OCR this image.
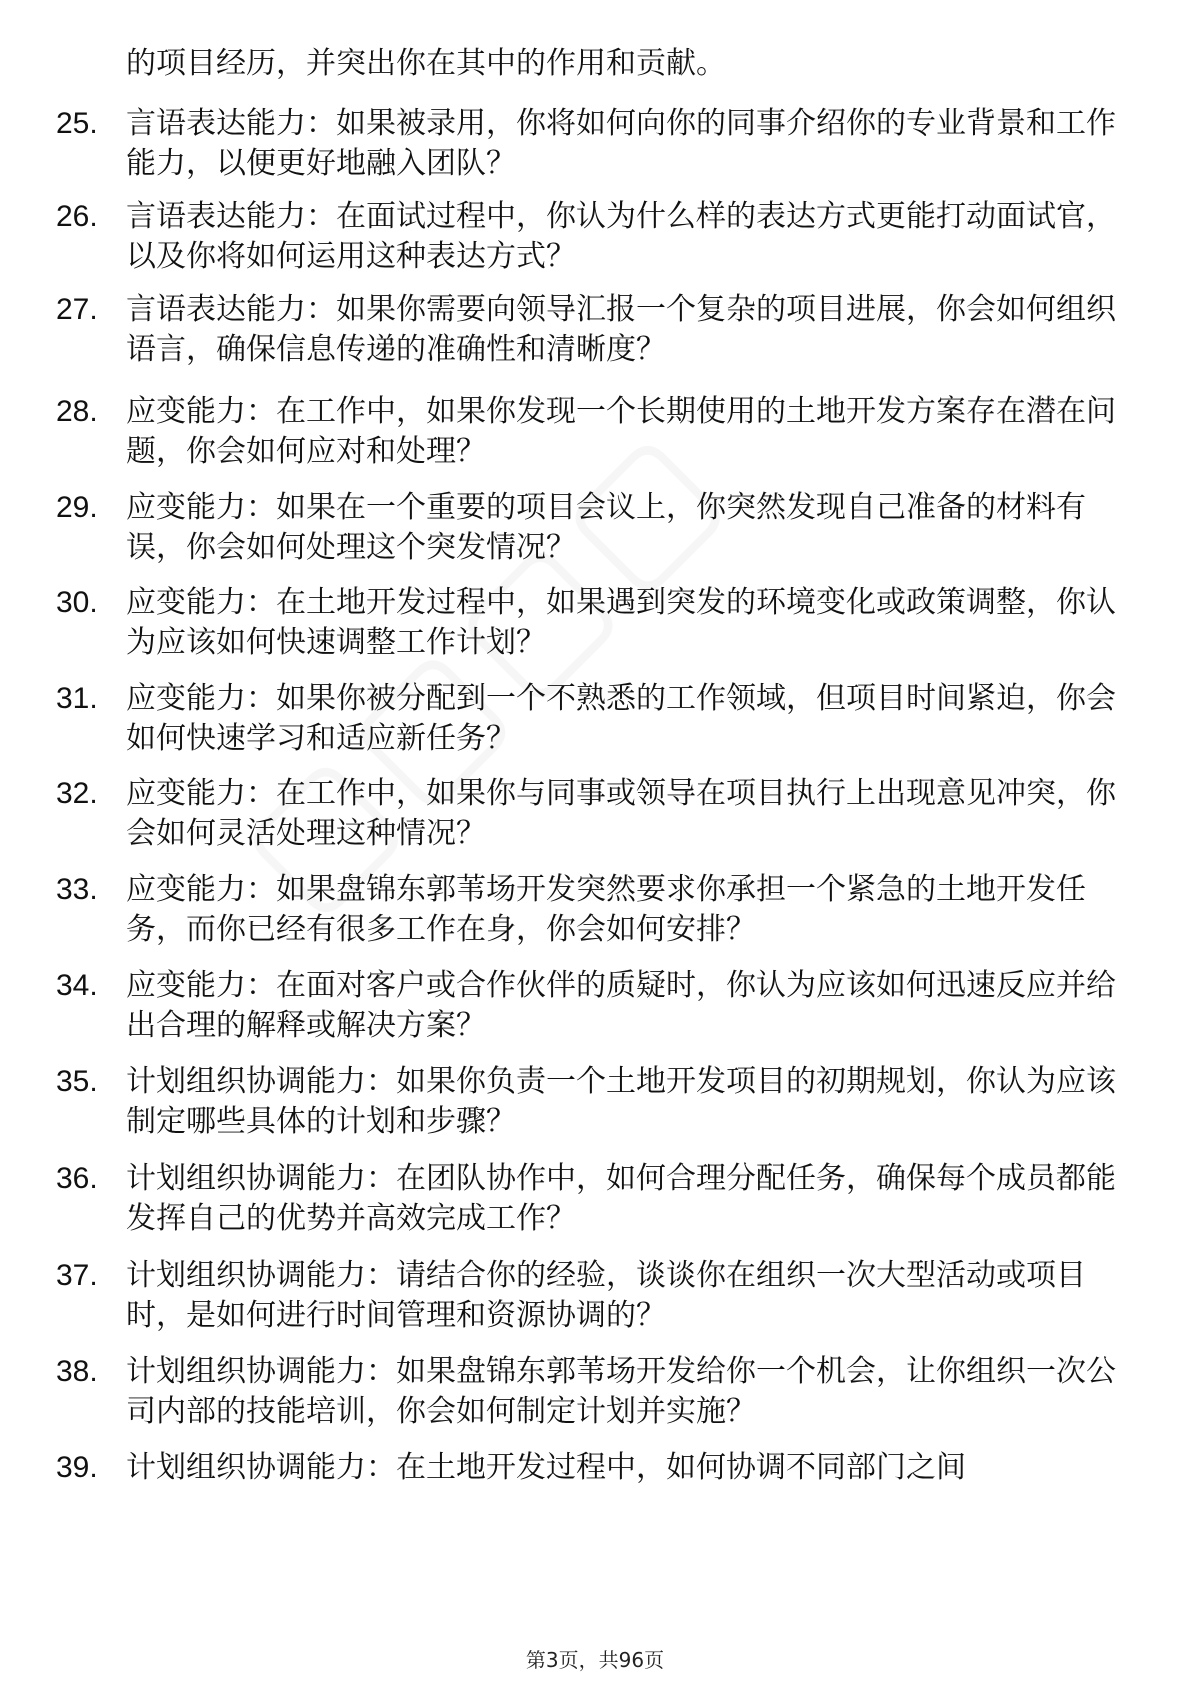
的项目经历，并突出你在其中的作用和贡献。
25. 言语表达能力：如果被录用，你将如何向你的同事介绍你的专业背景和工作能力，以便更好地融入团队？
26. 言语表达能力：在面试过程中，你认为什么样的表达方式更能打动面试官，以及你将如何运用这种表达方式？
27. 言语表达能力：如果你需要向领导汇报一个复杂的项目进展，你会如何组织语言，确保信息传递的准确性和清晰度？
28. 应变能力：在工作中，如果你发现一个长期使用的土地开发方案存在潜在问题，你会如何应对和处理？
29. 应变能力：如果在一个重要的项目会议上，你突然发现自己准备的材料有误，你会如何处理这个突发情况？
30. 应变能力：在土地开发过程中，如果遇到突发的环境变化或政策调整，你认为应该如何快速调整工作计划？
31. 应变能力：如果你被分配到一个不熟悉的工作领域，但项目时间紧迫，你会如何快速学习和适应新任务？
32. 应变能力：在工作中，如果你与同事或领导在项目执行上出现意见冲突，你会如何灵活处理这种情况？
33. 应变能力：如果盘锦东郭苇场开发突然要求你承担一个紧急的土地开发任务，而你已经有很多工作在身，你会如何安排？
34. 应变能力：在面对客户或合作伙伴的质疑时，你认为应该如何迅速反应并给出合理的解释或解决方案？
35. 计划组织协调能力：如果你负责一个土地开发项目的初期规划，你认为应该制定哪些具体的计划和步骤？
36. 计划组织协调能力：在团队协作中，如何合理分配任务，确保每个成员都能发挥自己的优势并高效完成工作？
37. 计划组织协调能力：请结合你的经验，谈谈你在组织一次大型活动或项目时，是如何进行时间管理和资源协调的？
38. 计划组织协调能力：如果盘锦东郭苇场开发给你一个机会，让你组织一次公司内部的技能培训，你会如何制定计划并实施？
39. 计划组织协调能力：在土地开发过程中，如何协调不同部门之间
第3页，共96页
